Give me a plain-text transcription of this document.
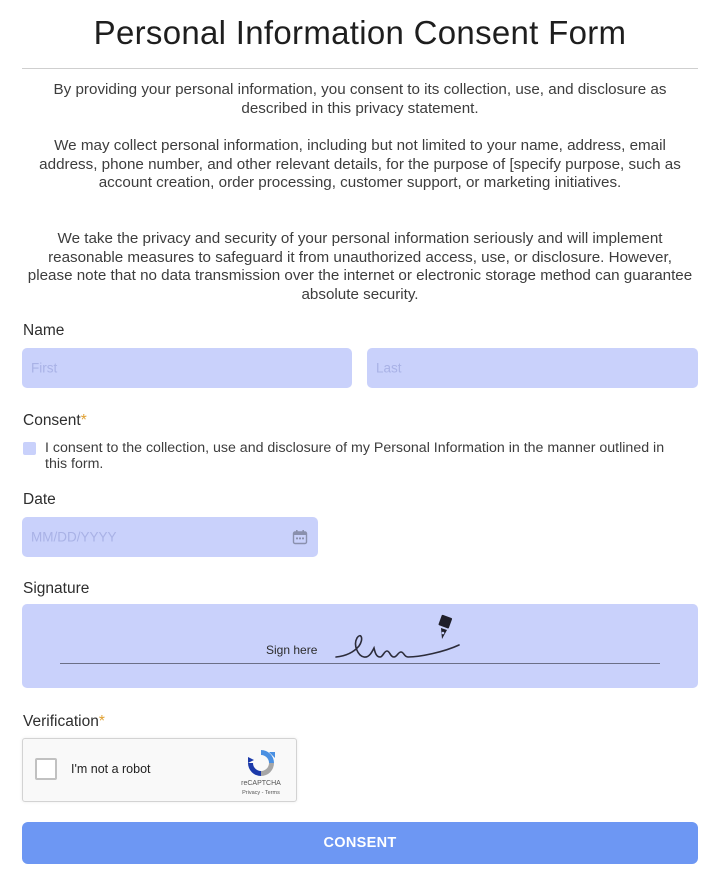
Personal Information Consent Form
By providing your personal information, you consent to its collection, use, and disclosure as described in this privacy statement.
We may collect personal information, including but not limited to your name, address, email address, phone number, and other relevant details, for the purpose of [specify purpose, such as account creation, order processing, customer support, or marketing initiatives.
We take the privacy and security of your personal information seriously and will implement reasonable measures to safeguard it from unauthorized access, use, or disclosure. However, please note that no data transmission over the internet or electronic storage method can guarantee absolute security.
Name
First	Last
Consent*
I consent to the collection, use and disclosure of my Personal Information in the manner outlined in this form.
Date
MM/DD/YYYY
Signature
Sign here
Verification*
I'm not a robot
reCAPTCHA
Privacy - Terms
CONSENT
